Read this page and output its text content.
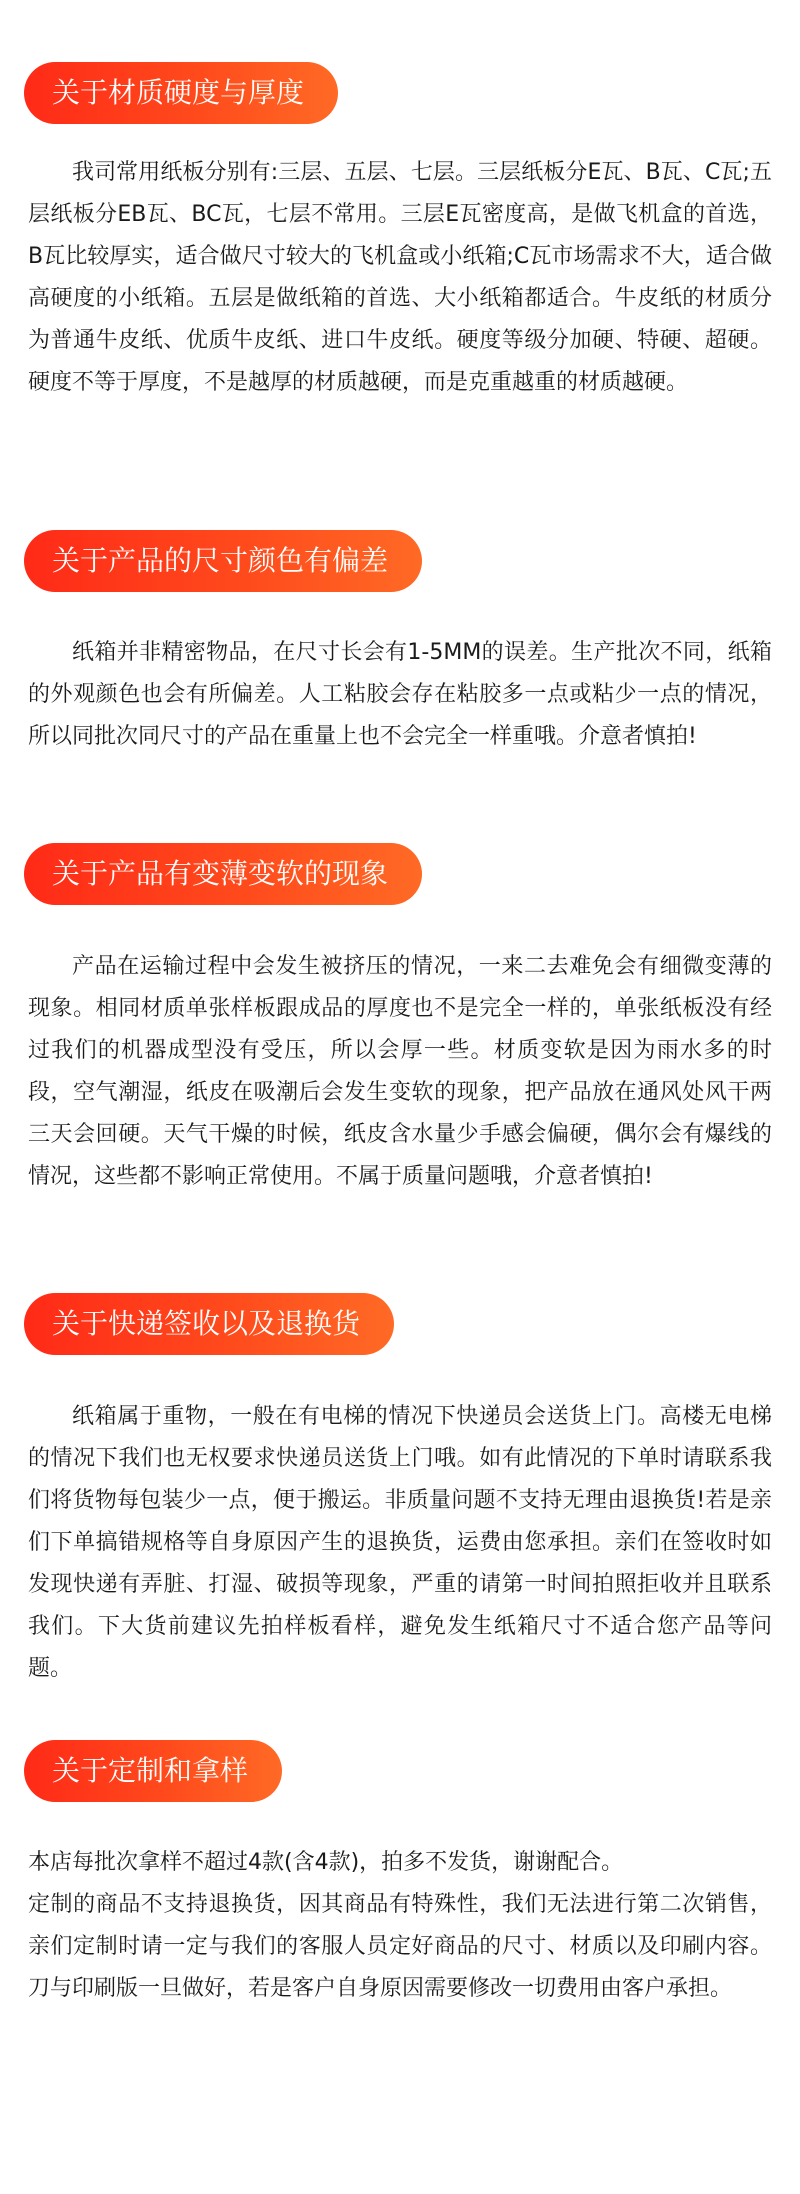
关于材质硬度与厚度

我司常用纸板分别有:三层、五层、七层。三层纸板分E瓦、B瓦、C瓦;五层纸板分EB瓦、BC瓦，七层不常用。三层E瓦密度高，是做飞机盒的首选，B瓦比较厚实，适合做尺寸较大的飞机盒或小纸箱;C瓦市场需求不大，适合做高硬度的小纸箱。五层是做纸箱的首选、大小纸箱都适合。牛皮纸的材质分为普通牛皮纸、优质牛皮纸、进口牛皮纸。硬度等级分加硬、特硬、超硬。硬度不等于厚度，不是越厚的材质越硬，而是克重越重的材质越硬。

关于产品的尺寸颜色有偏差

纸箱并非精密物品，在尺寸长会有1-5MM的误差。生产批次不同，纸箱的外观颜色也会有所偏差。人工粘胶会存在粘胶多一点或粘少一点的情况，所以同批次同尺寸的产品在重量上也不会完全一样重哦。介意者慎拍!

关于产品有变薄变软的现象

产品在运输过程中会发生被挤压的情况，一来二去难免会有细微变薄的现象。相同材质单张样板跟成品的厚度也不是完全一样的，单张纸板没有经过我们的机器成型没有受压，所以会厚一些。材质变软是因为雨水多的时段，空气潮湿，纸皮在吸潮后会发生变软的现象，把产品放在通风处风干两三天会回硬。天气干燥的时候，纸皮含水量少手感会偏硬，偶尔会有爆线的情况，这些都不影响正常使用。不属于质量问题哦，介意者慎拍!

关于快递签收以及退换货

纸箱属于重物，一般在有电梯的情况下快递员会送货上门。高楼无电梯的情况下我们也无权要求快递员送货上门哦。如有此情况的下单时请联系我们将货物每包装少一点，便于搬运。非质量问题不支持无理由退换货!若是亲们下单搞错规格等自身原因产生的退换货，运费由您承担。亲们在签收时如发现快递有弄脏、打湿、破损等现象，严重的请第一时间拍照拒收并且联系我们。下大货前建议先拍样板看样，避免发生纸箱尺寸不适合您产品等问题。

关于定制和拿样

本店每批次拿样不超过4款(含4款)，拍多不发货，谢谢配合。

定制的商品不支持退换货，因其商品有特殊性，我们无法进行第二次销售，亲们定制时请一定与我们的客服人员定好商品的尺寸、材质以及印刷内容。刀与印刷版一旦做好，若是客户自身原因需要修改一切费用由客户承担。
